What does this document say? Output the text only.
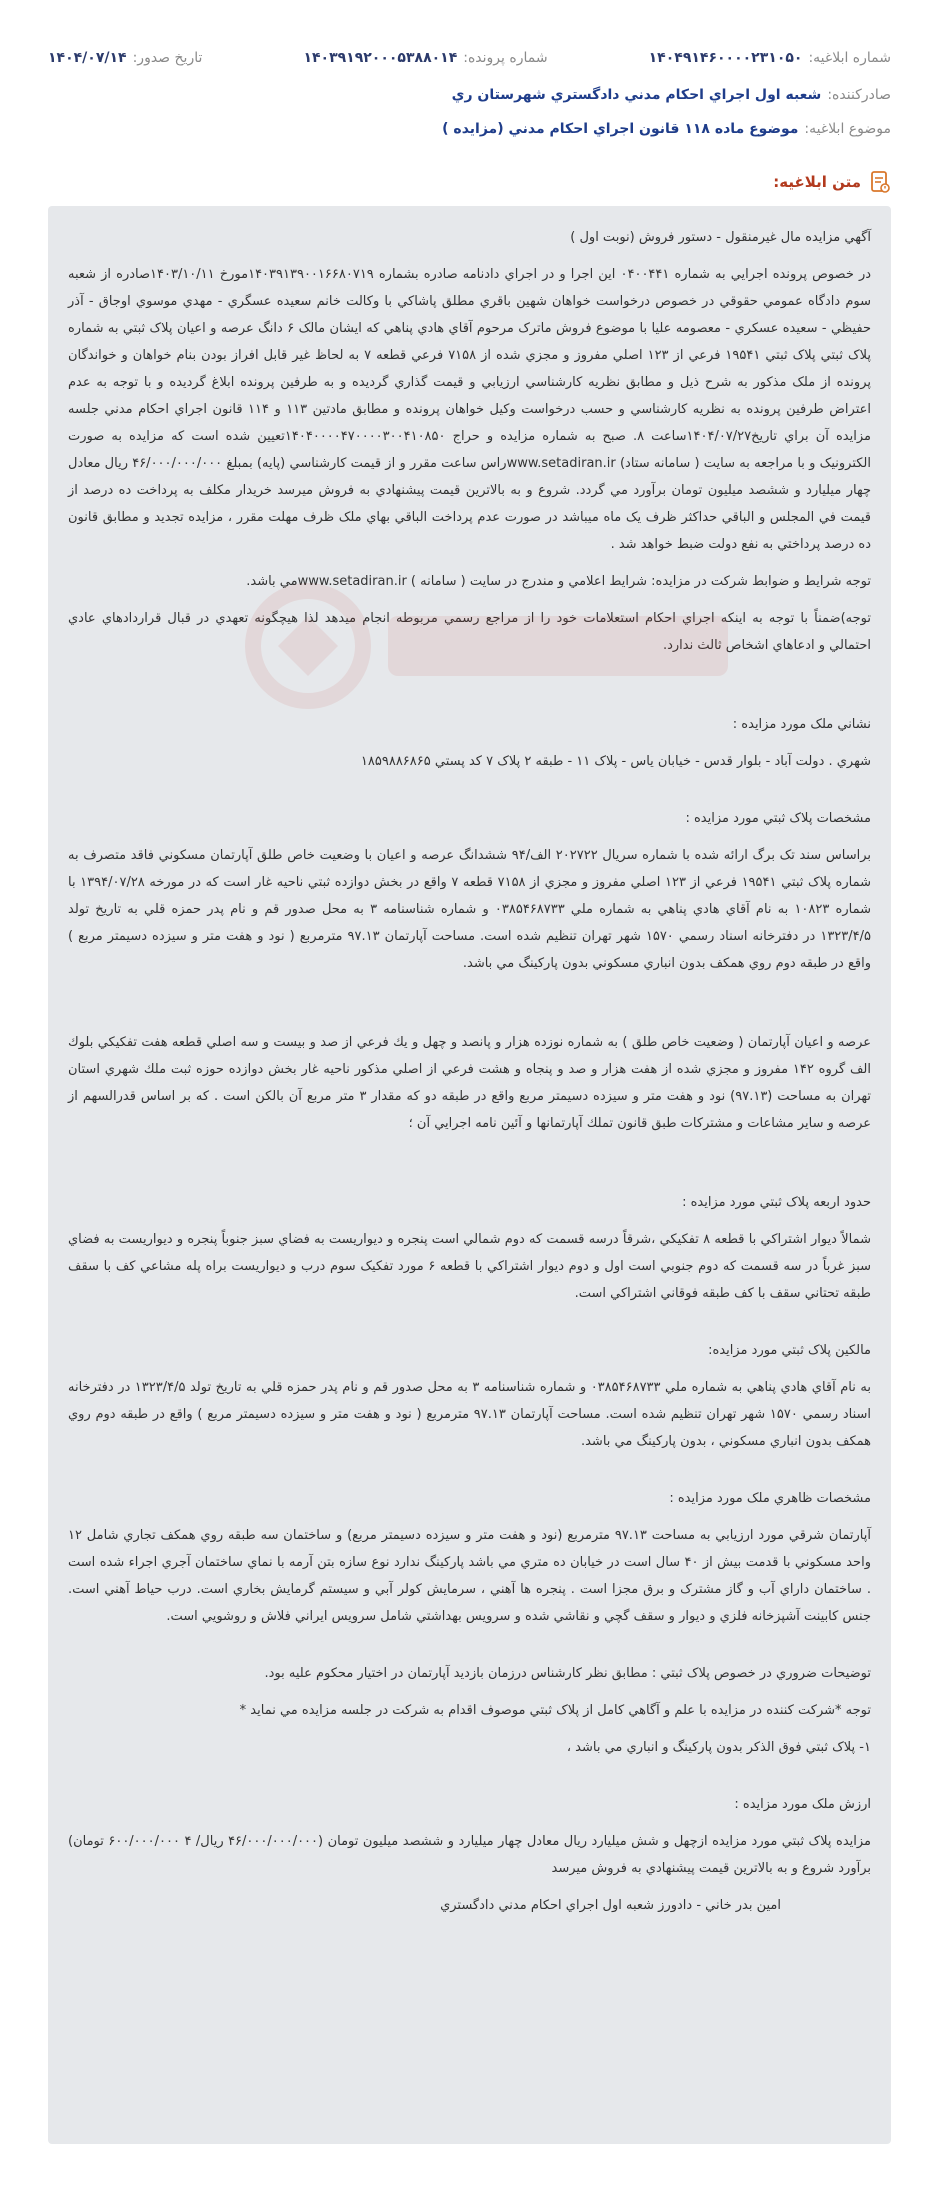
شماره ابلاغيه:
۱۴۰۴۹۱۴۶۰۰۰۰۲۳۱۰۵۰
شماره پرونده:
۱۴۰۳۹۱۹۲۰۰۰۵۳۸۸۰۱۴
تاريخ صدور:
۱۴۰۴/۰۷/۱۴
صادرکننده:
شعبه اول اجراي احکام مدني دادگستري شهرستان ري
موضوع ابلاغيه:
موضوع ماده ۱۱۸ قانون اجراي احکام مدني (مزايده )
متن ابلاغيه:

آگهي مزايده مال غيرمنقول - دستور فروش (نوبت اول )

در خصوص پرونده اجرايي به شماره ۰۴۰۰۴۴۱ اين اجرا و در اجراي دادنامه صادره بشماره ۱۴۰۳۹۱۳۹۰۰۱۶۶۸۰۷۱۹مورخ ۱۴۰۳/۱۰/۱۱صادره از شعبه سوم دادگاه عمومي حقوقي در خصوص درخواست خواهان شهين باقري مطلق پاشاکي با وکالت خانم سعيده عسگري - مهدي موسوي اوجاق - آذر حفيظي - سعيده عسکري - معصومه عليا با موضوع فروش ماترک مرحوم آقاي هادي پناهي که ايشان مالک ۶ دانگ عرصه و اعيان پلاک ثبتي به شماره پلاک ثبتي پلاک ثبتي ۱۹۵۴۱ فرعي از ۱۲۳ اصلي مفروز و مجزي شده از ۷۱۵۸ فرعي قطعه ۷ به لحاظ غير قابل افراز بودن بنام خواهان و خواندگان پرونده از ملک مذکور به شرح ذيل و مطابق نظريه کارشناسي ارزيابي و قيمت گذاري گرديده و به طرفين پرونده ابلاغ گرديده و با توجه به عدم اعتراض طرفين پرونده به نظريه کارشناسي و حسب درخواست وکيل خواهان پرونده و مطابق مادتين ۱۱۳ و ۱۱۴ قانون اجراي احکام مدني جلسه مزايده آن براي تاريخ۱۴۰۴/۰۷/۲۷ساعت ۸. صبح به شماره مزايده و حراج ۱۴۰۴۰۰۰۰۴۷۰۰۰۰۳۰۰۴۱۰۸۵۰تعيين شده است که مزايده به صورت الکترونيک و با مراجعه به سايت ( سامانه ستاد) www.setadiran.irراس ساعت مقرر و از قيمت کارشناسي (پايه) بمبلغ ۴۶/۰۰۰/۰۰۰/۰۰۰ ريال معادل چهار ميليارد و ششصد ميليون تومان برآورد مي گردد. شروع و به بالاترين قيمت پيشنهادي به فروش ميرسد خريدار مکلف به پرداخت ده درصد از قيمت في المجلس و الباقي حداکثر ظرف يک ماه ميباشد در صورت عدم پرداخت الباقي بهاي ملک ظرف مهلت مقرر ، مزايده تجديد و مطابق قانون ده درصد پرداختي به نفع دولت ضبط خواهد شد .

توجه شرايط و ضوابط شرکت در مزايده: شرايط اعلامي و مندرج در سايت ( سامانه ) www.setadiran.irمي باشد.

توجه)ضمناً با توجه به اينکه اجراي احکام استعلامات خود را از مراجع رسمي مربوطه انجام ميدهد لذا هيچگونه تعهدي در قبال قراردادهاي عادي احتمالي و ادعاهاي اشخاص ثالث ندارد.

نشاني ملک مورد مزايده :

شهري . دولت آباد - بلوار قدس - خيابان ياس - پلاک ۱۱ - طبقه ۲ پلاک ۷ کد پستي ۱۸۵۹۸۸۶۸۶۵

مشخصات پلاک ثبتي مورد مزايده :

براساس سند تک برگ ارائه شده با شماره سريال ۲۰۲۷۲۲ الف/۹۴ ششدانگ عرصه و اعيان با وضعيت خاص طلق آپارتمان مسکوني فاقد متصرف به شماره پلاک ثبتي ۱۹۵۴۱ فرعي از ۱۲۳ اصلي مفروز و مجزي از ۷۱۵۸ قطعه ۷ واقع در بخش دوازده ثبتي ناحيه غار است که در مورخه ۱۳۹۴/۰۷/۲۸ با شماره ۱۰۸۲۳ به نام آقاي هادي پناهي به شماره ملي ۰۳۸۵۴۶۸۷۳۳ و شماره شناسنامه ۳ به محل صدور قم و نام پدر حمزه قلي به تاريخ تولد ۱۳۲۳/۴/۵ در دفترخانه اسناد رسمي ۱۵۷۰ شهر تهران تنظيم شده است. مساحت آپارتمان ۹۷.۱۳ مترمربع ( نود و هفت متر و سيزده دسيمتر مربع ) واقع در طبقه دوم روي همکف بدون انباري مسکوني بدون پارکينگ مي باشد.

عرصه و اعيان آپارتمان ( وضعيت خاص طلق ) به شماره نوزده هزار و پانصد و چهل و يك فرعي از صد و بيست و سه اصلي قطعه هفت تفکيکي بلوك الف گروه ۱۴۲ مفروز و مجزي شده از هفت هزار و صد و پنجاه و هشت فرعي از اصلي مذکور ناحيه غار بخش دوازده حوزه ثبت ملك شهري استان تهران به مساحت (۹۷.۱۳) نود و هفت متر و سيزده دسيمتر مربع واقع در طبقه دو كه مقدار ۳ متر مربع آن بالكن است . كه بر اساس قدرالسهم از عرصه و ساير مشاعات و مشتركات طبق قانون تملك آپارتمانها و آئين نامه اجرايي آن ؛

حدود اربعه پلاک ثبتي مورد مزايده :

شمالاً ديوار اشتراکي با قطعه ۸ تفکيکي ،شرقاً درسه قسمت که دوم شمالي است پنجره و ديواريست به فضاي سبز جنوباً پنجره و ديواريست به فضاي سبز غرباً در سه قسمت که دوم جنوبي است اول و دوم ديوار اشتراکي با قطعه ۶ مورد تفکيک سوم درب و ديواريست براه پله مشاعي کف با سقف طبقه تحتاني سقف با کف طبقه فوقاني اشتراکي است.

مالکين پلاک ثبتي مورد مزايده:

به نام آقاي هادي پناهي به شماره ملي ۰۳۸۵۴۶۸۷۳۳ و شماره شناسنامه ۳ به محل صدور قم و نام پدر حمزه قلي به تاريخ تولد ۱۳۲۳/۴/۵ در دفترخانه اسناد رسمي ۱۵۷۰ شهر تهران تنظيم شده است. مساحت آپارتمان ۹۷.۱۳ مترمربع ( نود و هفت متر و سيزده دسيمتر مربع ) واقع در طبقه دوم روي همکف بدون انباري مسکوني ، بدون پارکينگ مي باشد.

مشخصات ظاهري ملک مورد مزايده :

آپارتمان شرقي مورد ارزيابي به مساحت ۹۷.۱۳ مترمربع (نود و هفت متر و سيزده دسيمتر مربع) و ساختمان سه طبقه روي همکف تجاري شامل ۱۲ واحد مسکوني با قدمت بيش از ۴۰ سال است در خيابان ده متري مي باشد پارکينگ ندارد نوع سازه بتن آرمه با نماي ساختمان آجري اجراء شده است . ساختمان داراي آب و گاز مشترک و برق مجزا است . پنجره ها آهني ، سرمايش کولر آبي و سيستم گرمايش بخاري است. درب حياط آهني است. جنس کابينت آشپزخانه فلزي و ديوار و سقف گچي و نقاشي شده و سرويس بهداشتي شامل سرويس ايراني فلاش و روشويي است.

توضيحات ضروري در خصوص پلاک ثبتي : مطابق نظر کارشناس درزمان بازديد آپارتمان در اختيار محکوم عليه بود.

توجه *شرکت کننده در مزايده با علم و آگاهي کامل از پلاک ثبتي موصوف اقدام به شرکت در جلسه مزايده مي نمايد *

۱- پلاک ثبتي فوق الذکر بدون پارکينگ و انباري مي باشد ،

ارزش ملک مورد مزايده :

مزايده پلاک ثبتي مورد مزايده ازچهل و شش ميليارد ريال معادل چهار ميليارد و ششصد ميليون تومان (۴۶/۰۰۰/۰۰۰/۰۰۰ ريال/ ۴ ۶۰۰/۰۰۰/۰۰۰ تومان) برآورد شروع و به بالاترين قيمت پيشنهادي به فروش ميرسد

امين بدر خاني - دادورز شعبه اول اجراي احکام مدني دادگستري
